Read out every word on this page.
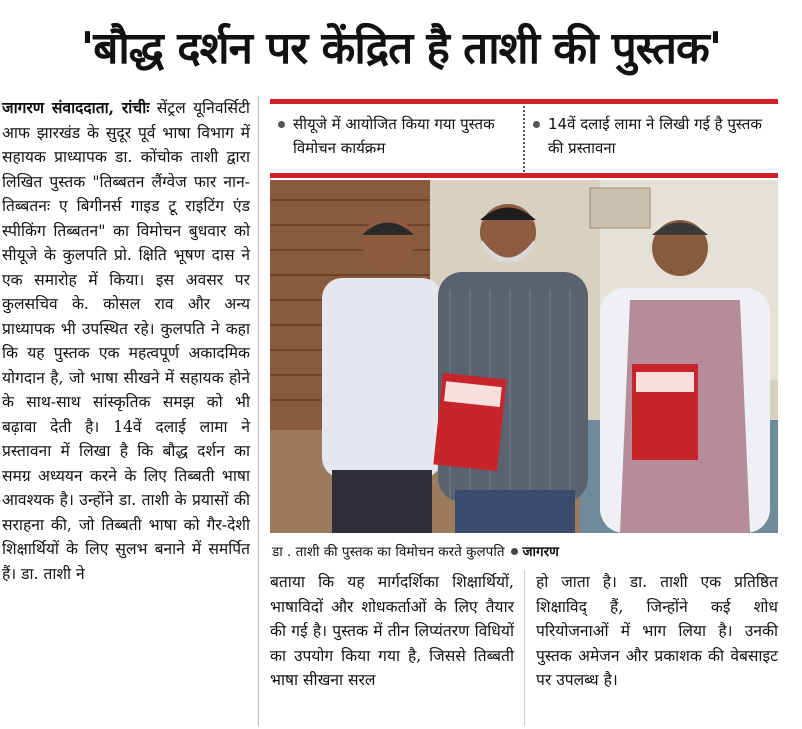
'बौद्ध दर्शन पर केंद्रित है ताशी की पुस्तक'

जागरण संवाददाता, रांचीः सेंट्रल यूनिवर्सिटी आफ झारखंड के सुदूर पूर्व भाषा विभाग में सहायक प्राध्यापक डा. कोंचोक ताशी द्वारा लिखित पुस्तक "तिब्बतन लैंग्वेज फार नान-तिब्बतनः ए बिगीनर्स गाइड टू राइटिंग एंड स्पीकिंग तिब्बतन" का विमोचन बुधवार को सीयूजे के कुलपति प्रो. क्षिति भूषण दास ने एक समारोह में किया। इस अवसर पर कुलसचिव के. कोसल राव और अन्य प्राध्यापक भी उपस्थित रहे। कुलपति ने कहा कि यह पुस्तक एक महत्वपूर्ण अकादमिक योगदान है, जो भाषा सीखने में सहायक होने के साथ-साथ सांस्कृतिक समझ को भी बढ़ावा देती है। 14वें दलाई लामा ने प्रस्तावना में लिखा है कि बौद्ध दर्शन का समग्र अध्ययन करने के लिए तिब्बती भाषा आवश्यक है। उन्होंने डा. ताशी के प्रयासों की सराहना की, जो तिब्बती भाषा को गैर-देशी शिक्षार्थियों के लिए सुलभ बनाने में समर्पित हैं। डा. ताशी ने

सीयूजे में आयोजित किया गया पुस्तक विमोचन कार्यक्रम
14वें दलाई लामा ने लिखी गई है पुस्तक की प्रस्तावना
डा . ताशी की पुस्तक का विमोचन करते कुलपति जागरण

बताया कि यह मार्गदर्शिका शिक्षार्थियों, भाषाविदों और शोधकर्ताओं के लिए तैयार की गई है। पुस्तक में तीन लिप्यंतरण विधियों का उपयोग किया गया है, जिससे तिब्बती भाषा सीखना सरल

हो जाता है। डा. ताशी एक प्रतिष्ठित शिक्षाविद् हैं, जिन्होंने कई शोध परियोजनाओं में भाग लिया है। उनकी पुस्तक अमेजन और प्रकाशक की वेबसाइट पर उपलब्ध है।
